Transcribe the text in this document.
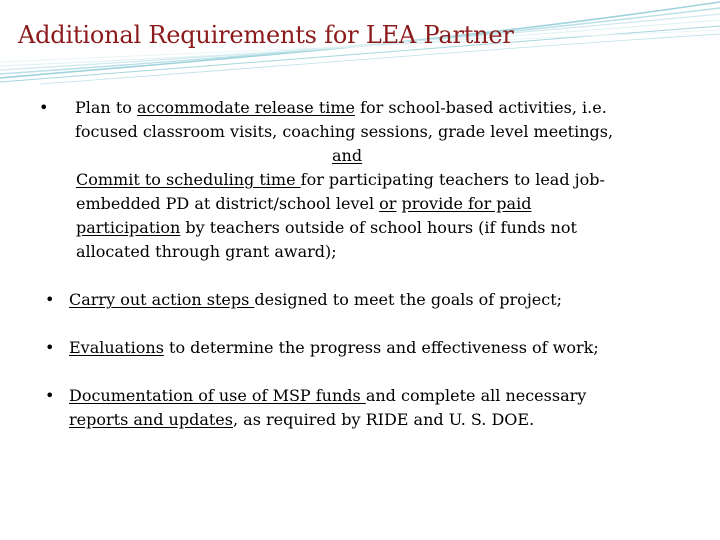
Additional Requirements for LEA Partner
• Plan to accommodate release time for school-based activities, i.e.
focused classroom visits, coaching sessions, grade level meetings,
and
Commit to scheduling time for participating teachers to lead job-
embedded PD at district/school level or provide for paid
participation by teachers outside of school hours (if funds not
allocated through grant award);
• Carry out action steps designed to meet the goals of project;
• Evaluations to determine the progress and effectiveness of work;
• Documentation of use of MSP funds and complete all necessary
reports and updates, as required by RIDE and U. S. DOE.
